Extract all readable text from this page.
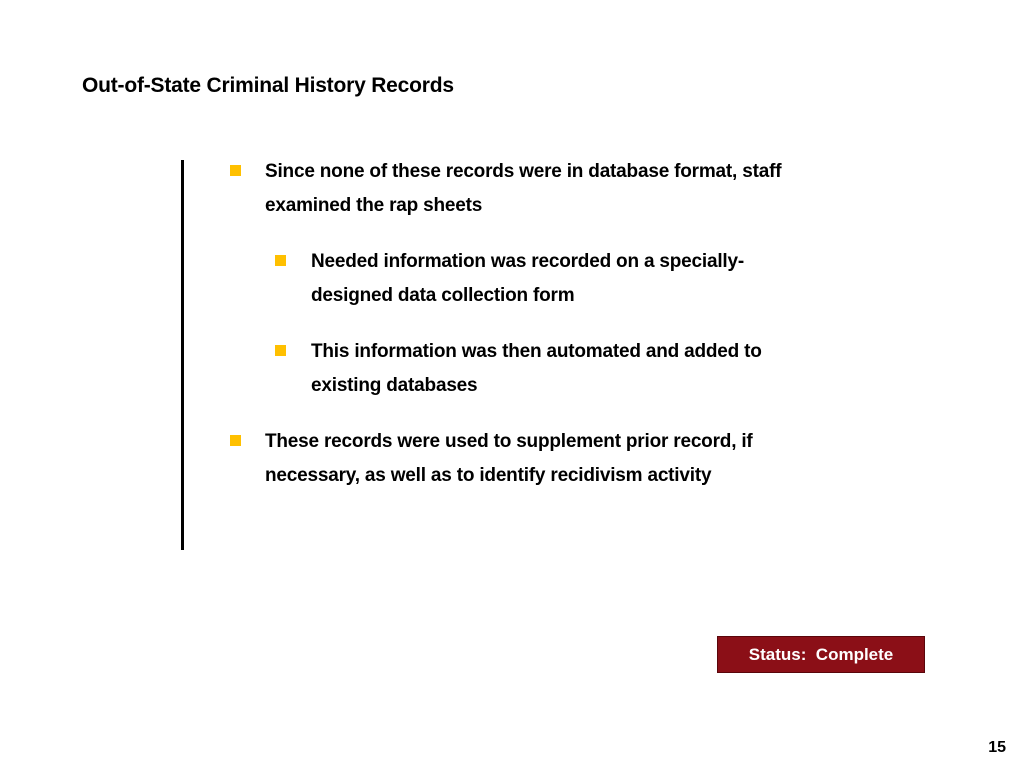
Out-of-State Criminal History Records
Since none of these records were in database format, staff examined the rap sheets
Needed information was recorded on a specially-designed data collection form
This information was then automated and added to existing databases
These records were used to supplement prior record, if necessary, as well as to identify recidivism activity
Status:  Complete
15
